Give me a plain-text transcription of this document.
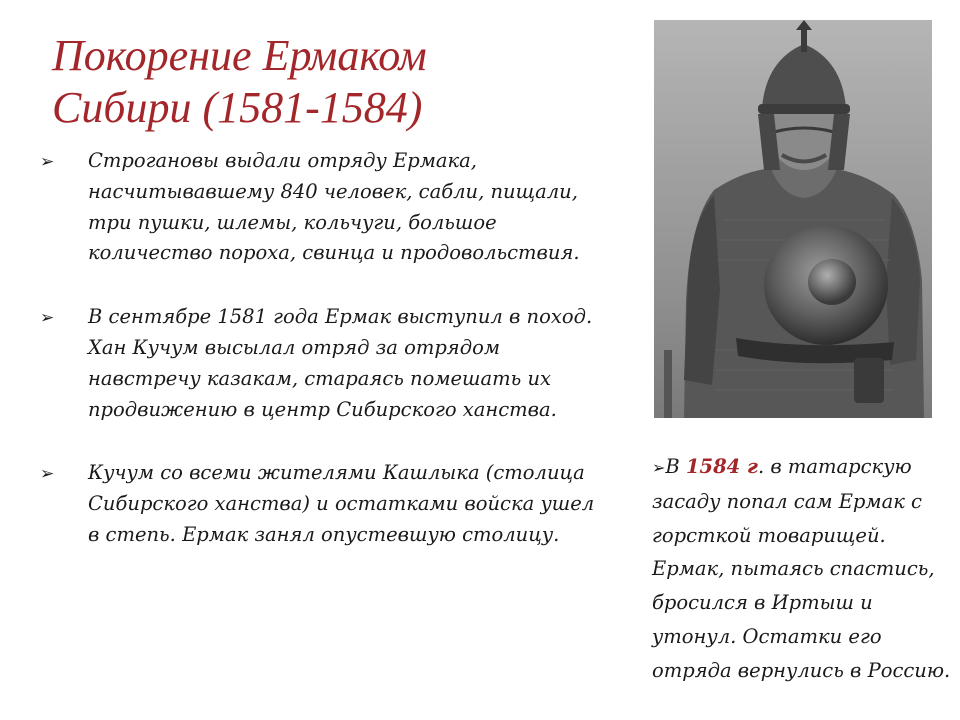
Покорение Ермаком
Сибири (1581-1584)
➢	Строгановы выдали отряду Ермака, насчитывавшему 840 человек, сабли, пищали, три пушки, шлемы, кольчуги, большое количество пороха, свинца и продовольствия.
➢	В сентябре 1581 года Ермак выступил в поход. Хан Кучум высылал отряд за отрядом навстречу казакам, стараясь помешать их продвижению в центр Сибирского ханства.
➢	Кучум со всеми жителями Кашлыка (столица Сибирского ханства) и остатками войска ушел в степь. Ермак занял опустевшую столицу.
➢В 1584 г. в татарскую засаду попал сам Ермак с горсткой товарищей. Ермак, пытаясь спастись, бросился в Иртыш и утонул. Остатки его отряда вернулись в Россию.
